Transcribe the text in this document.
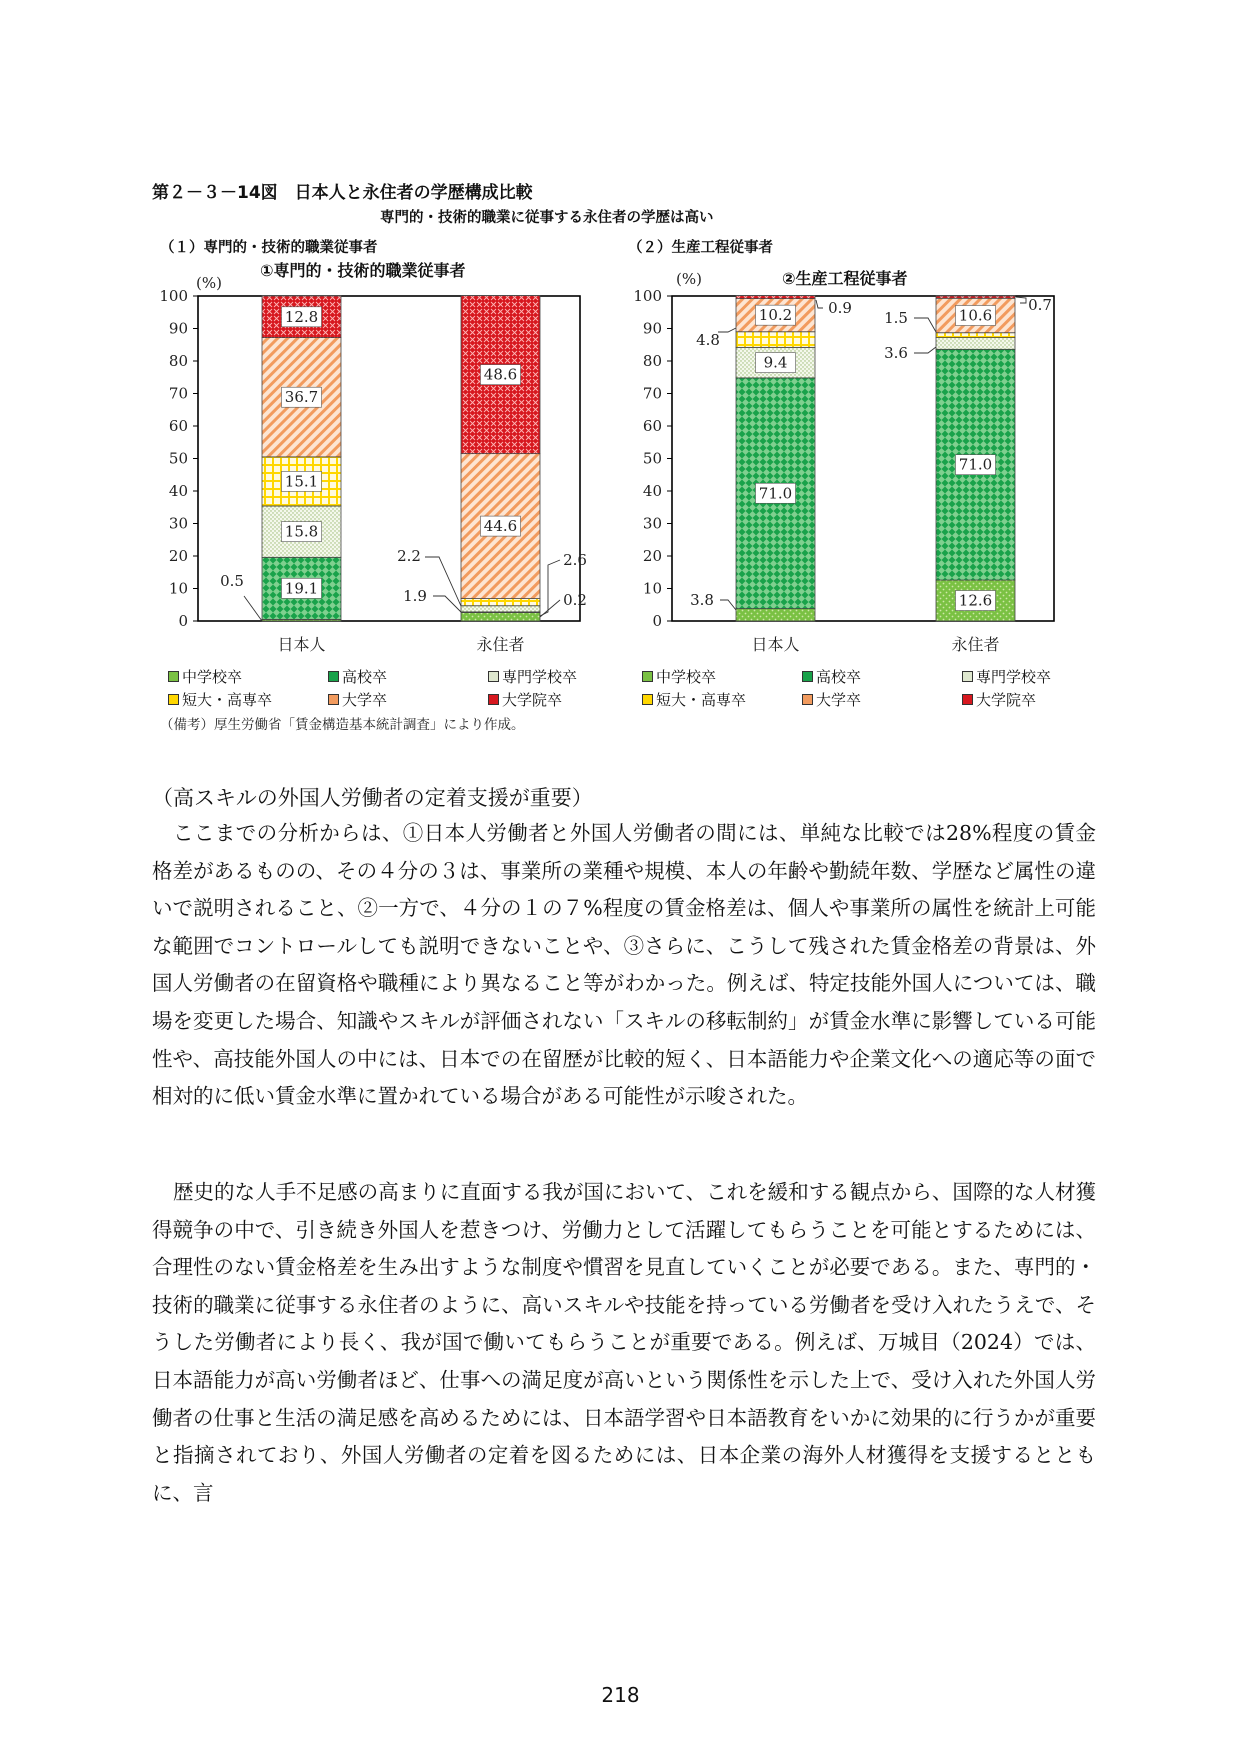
第２－３－14図　日本人と永住者の学歴構成比較
専門的・技術的職業に従事する永住者の学歴は高い
（１）専門的・技術的職業従事者	（２）生産工程従事者
0
10
20
30
40
50
60
70
80
90
100
(%)
①専門的・技術的職業従事者
0.5	19.1
15.8
15.1
36.7
12.8
日本人
2.6
0.2
1.9
2.2
44.6
48.6
永住者
0
10
20
30
40
50
60
70
80
90
100
(%)	②生産工程従事者
3.8
71.0
9.4
4.8
10.2 0.9
日本人
12.6
71.0
3.6
1.5	10.6
0.7
永住者
中学校卒	高校卒	専門学校卒
短大・高専卒	大学卒	大学院卒
中学校卒	高校卒	専門学校卒
短大・高専卒	大学卒	大学院卒
（備考）厚生労働省「賃金構造基本統計調査」により作成。
（高スキルの外国人労働者の定着支援が重要）
ここまでの分析からは、①日本人労働者と外国人労働者の間には、単純な比較では28%程度の賃金格差があるものの、その４分の３は、事業所の業種や規模、本人の年齢や勤続年数、学歴など属性の違いで説明されること、②一方で、４分の１の７%程度の賃金格差は、個人や事業所の属性を統計上可能な範囲でコントロールしても説明できないことや、③さらに、こうして残された賃金格差の背景は、外国人労働者の在留資格や職種により異なること等がわかった。例えば、特定技能外国人については、職場を変更した場合、知識やスキルが評価されない「スキルの移転制約」が賃金水準に影響している可能性や、高技能外国人の中には、日本での在留歴が比較的短く、日本語能力や企業文化への適応等の面で相対的に低い賃金水準に置かれている場合がある可能性が示唆された。
歴史的な人手不足感の高まりに直面する我が国において、これを緩和する観点から、国際的な人材獲得競争の中で、引き続き外国人を惹きつけ、労働力として活躍してもらうことを可能とするためには、合理性のない賃金格差を生み出すような制度や慣習を見直していくことが必要である。また、専門的・技術的職業に従事する永住者のように、高いスキルや技能を持っている労働者を受け入れたうえで、そうした労働者により長く、我が国で働いてもらうことが重要である。例えば、万城目（2024）では、日本語能力が高い労働者ほど、仕事への満足度が高いという関係性を示した上で、受け入れた外国人労働者の仕事と生活の満足感を高めるためには、日本語学習や日本語教育をいかに効果的に行うかが重要と指摘されており、外国人労働者の定着を図るためには、日本企業の海外人材獲得を支援するとともに、言
218
